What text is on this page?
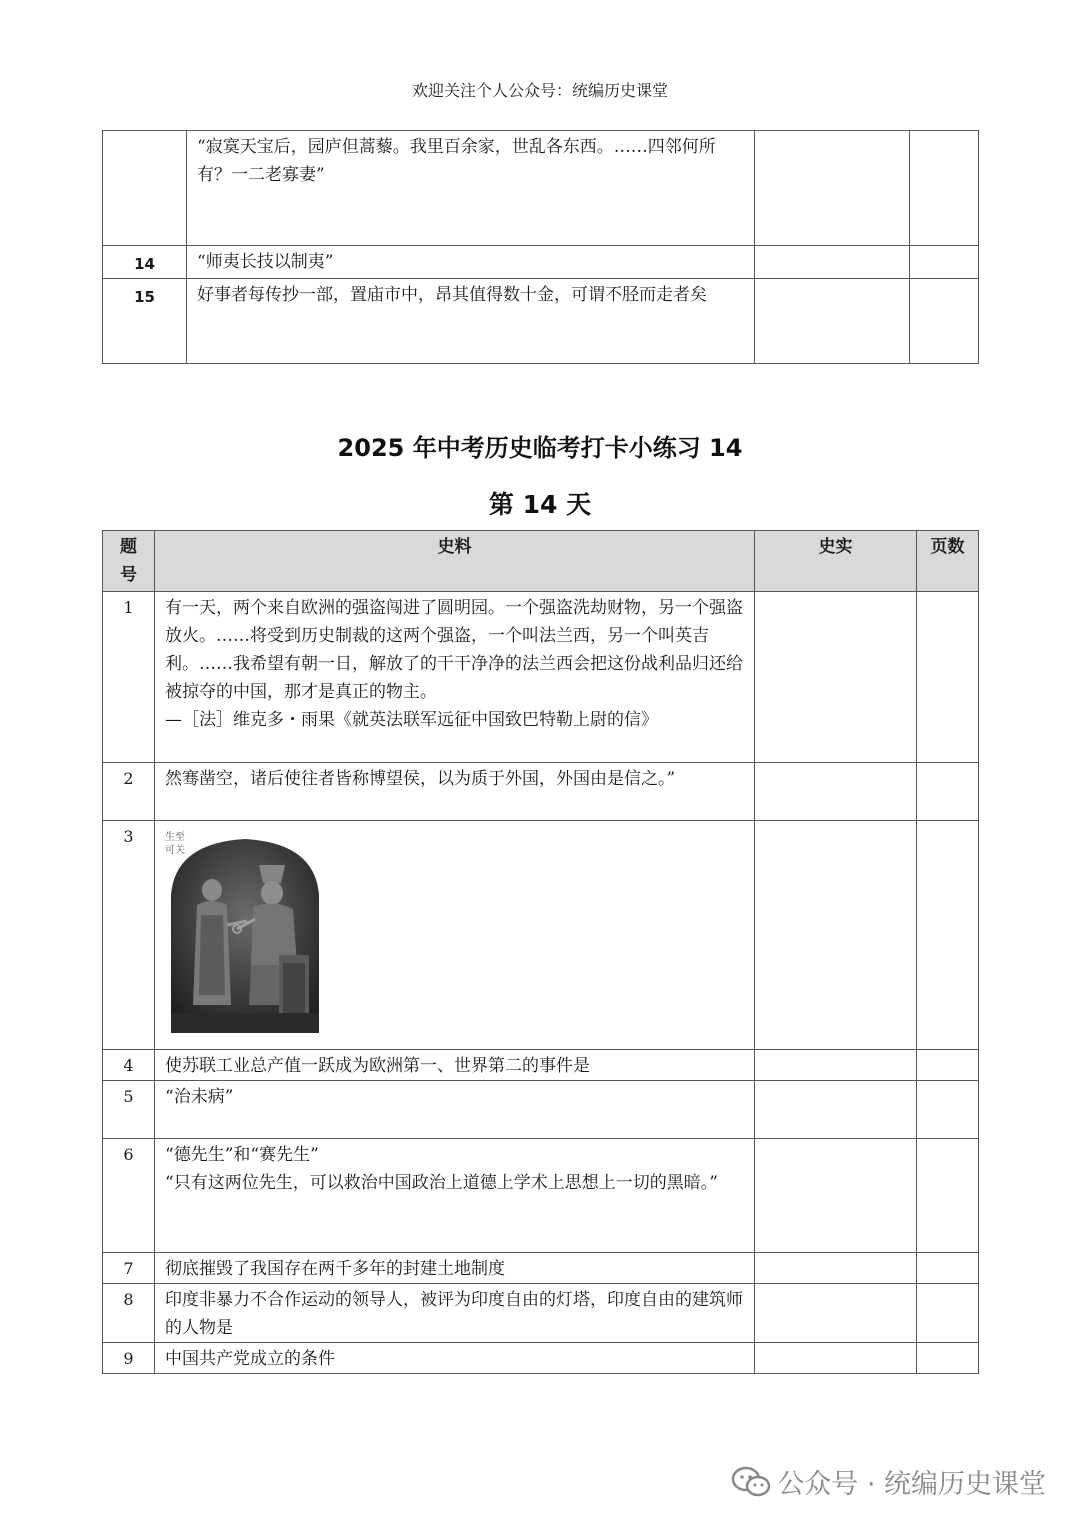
欢迎关注个人公众号：统编历史课堂
	“寂寞天宝后，园庐但蒿藜。我里百余家，世乱各东西。……四邻何所有？一二老寡妻”		
14	“师夷长技以制夷”		
15	好事者每传抄一部，置庙市中，昂其值得数十金，可谓不胫而走者矣		
2025 年中考历史临考打卡小练习 14
第 14 天
题号	史料	史实	页数
1	有一天，两个来自欧洲的强盗闯进了圆明园。一个强盗洗劫财物，另一个强盗放火。……将受到历史制裁的这两个强盗，一个叫法兰西，另一个叫英吉利。……我希望有朝一日，解放了的干干净净的法兰西会把这份战利品归还给被掠夺的中国，那才是真正的物主。
—［法］维克多・雨果《就英法联军远征中国致巴特勒上尉的信》		

2	然骞凿空，诸后使往者皆称博望侯，以为质于外国，外国由是信之。”		
3	生至可关		

4	使苏联工业总产值一跃成为欧洲第一、世界第二的事件是		
5	“治未病”		
6	“德先生”和“赛先生”
“只有这两位先生，可以救治中国政治上道德上学术上思想上一切的黑暗。”		

7	彻底摧毁了我国存在两千多年的封建土地制度		
8	印度非暴力不合作运动的领导人，被评为印度自由的灯塔，印度自由的建筑师的人物是		
9	中国共产党成立的条件		
公众号 · 统编历史课堂
